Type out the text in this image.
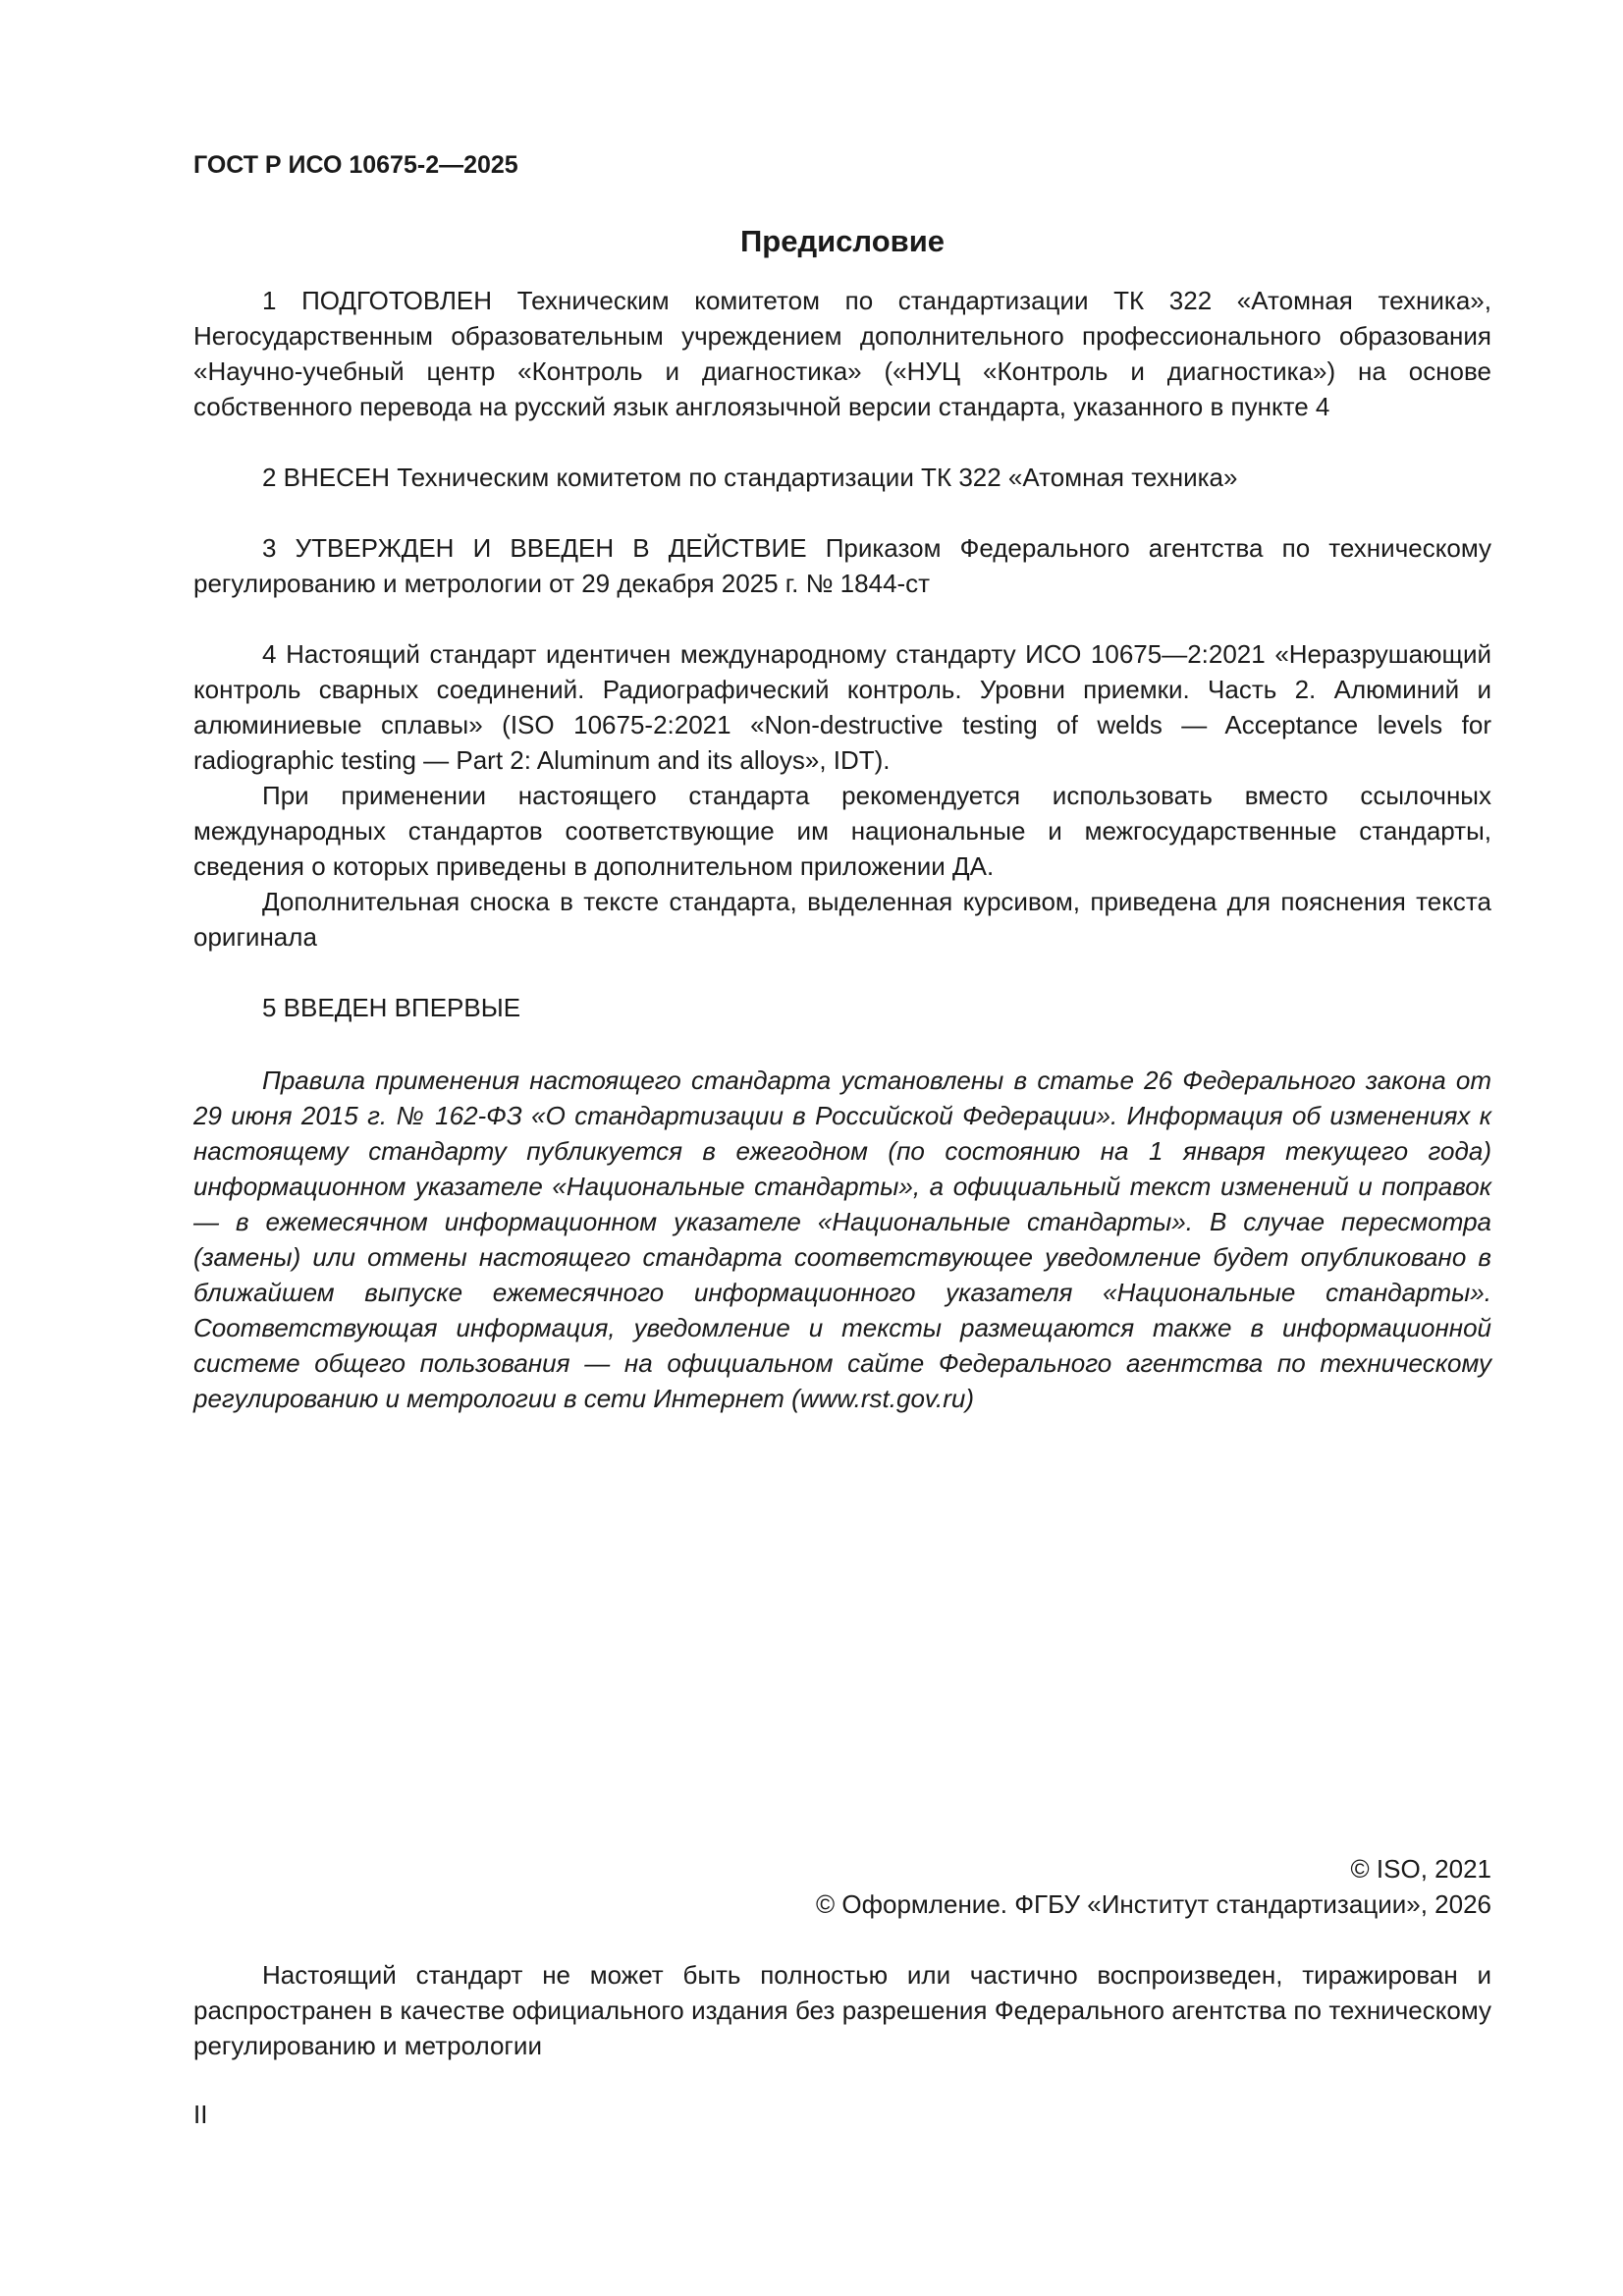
ГОСТ Р ИСО 10675-2—2025
Предисловие

1 ПОДГОТОВЛЕН Техническим комитетом по стандартизации ТК 322 «Атомная техника», Негосударственным образовательным учреждением дополнительного профессионального образования «Научно-учебный центр «Контроль и диагностика» («НУЦ «Контроль и диагностика») на основе собственного перевода на русский язык англоязычной версии стандарта, указанного в пункте 4

2 ВНЕСЕН Техническим комитетом по стандартизации ТК 322 «Атомная техника»

3 УТВЕРЖДЕН И ВВЕДЕН В ДЕЙСТВИЕ Приказом Федерального агентства по техническому регулированию и метрологии от 29 декабря 2025 г. № 1844-ст

4 Настоящий стандарт идентичен международному стандарту ИСО 10675—2:2021 «Неразрушающий контроль сварных соединений. Радиографический контроль. Уровни приемки. Часть 2. Алюминий и алюминиевые сплавы» (ISO 10675-2:2021 «Non-destructive testing of welds — Acceptance levels for radiographic testing — Part 2: Aluminum and its alloys», IDT).

При применении настоящего стандарта рекомендуется использовать вместо ссылочных международных стандартов соответствующие им национальные и межгосударственные стандарты, сведения о которых приведены в дополнительном приложении ДА.

Дополнительная сноска в тексте стандарта, выделенная курсивом, приведена для пояснения текста оригинала

5 ВВЕДЕН ВПЕРВЫЕ

Правила применения настоящего стандарта установлены в статье 26 Федерального закона от 29 июня 2015 г. № 162-ФЗ «О стандартизации в Российской Федерации». Информация об изменениях к настоящему стандарту публикуется в ежегодном (по состоянию на 1 января текущего года) информационном указателе «Национальные стандарты», а официальный текст изменений и поправок — в ежемесячном информационном указателе «Национальные стандарты». В случае пересмотра (замены) или отмены настоящего стандарта соответствующее уведомление будет опубликовано в ближайшем выпуске ежемесячного информационного указателя «Национальные стандарты». Соответствующая информация, уведомление и тексты размещаются также в информационной системе общего пользования — на официальном сайте Федерального агентства по техническому регулированию и метрологии в сети Интернет (www.rst.gov.ru)

© ISO, 2021
© Оформление. ФГБУ «Институт стандартизации», 2026

Настоящий стандарт не может быть полностью или частично воспроизведен, тиражирован и распространен в качестве официального издания без разрешения Федерального агентства по техническому регулированию и метрологии

II
